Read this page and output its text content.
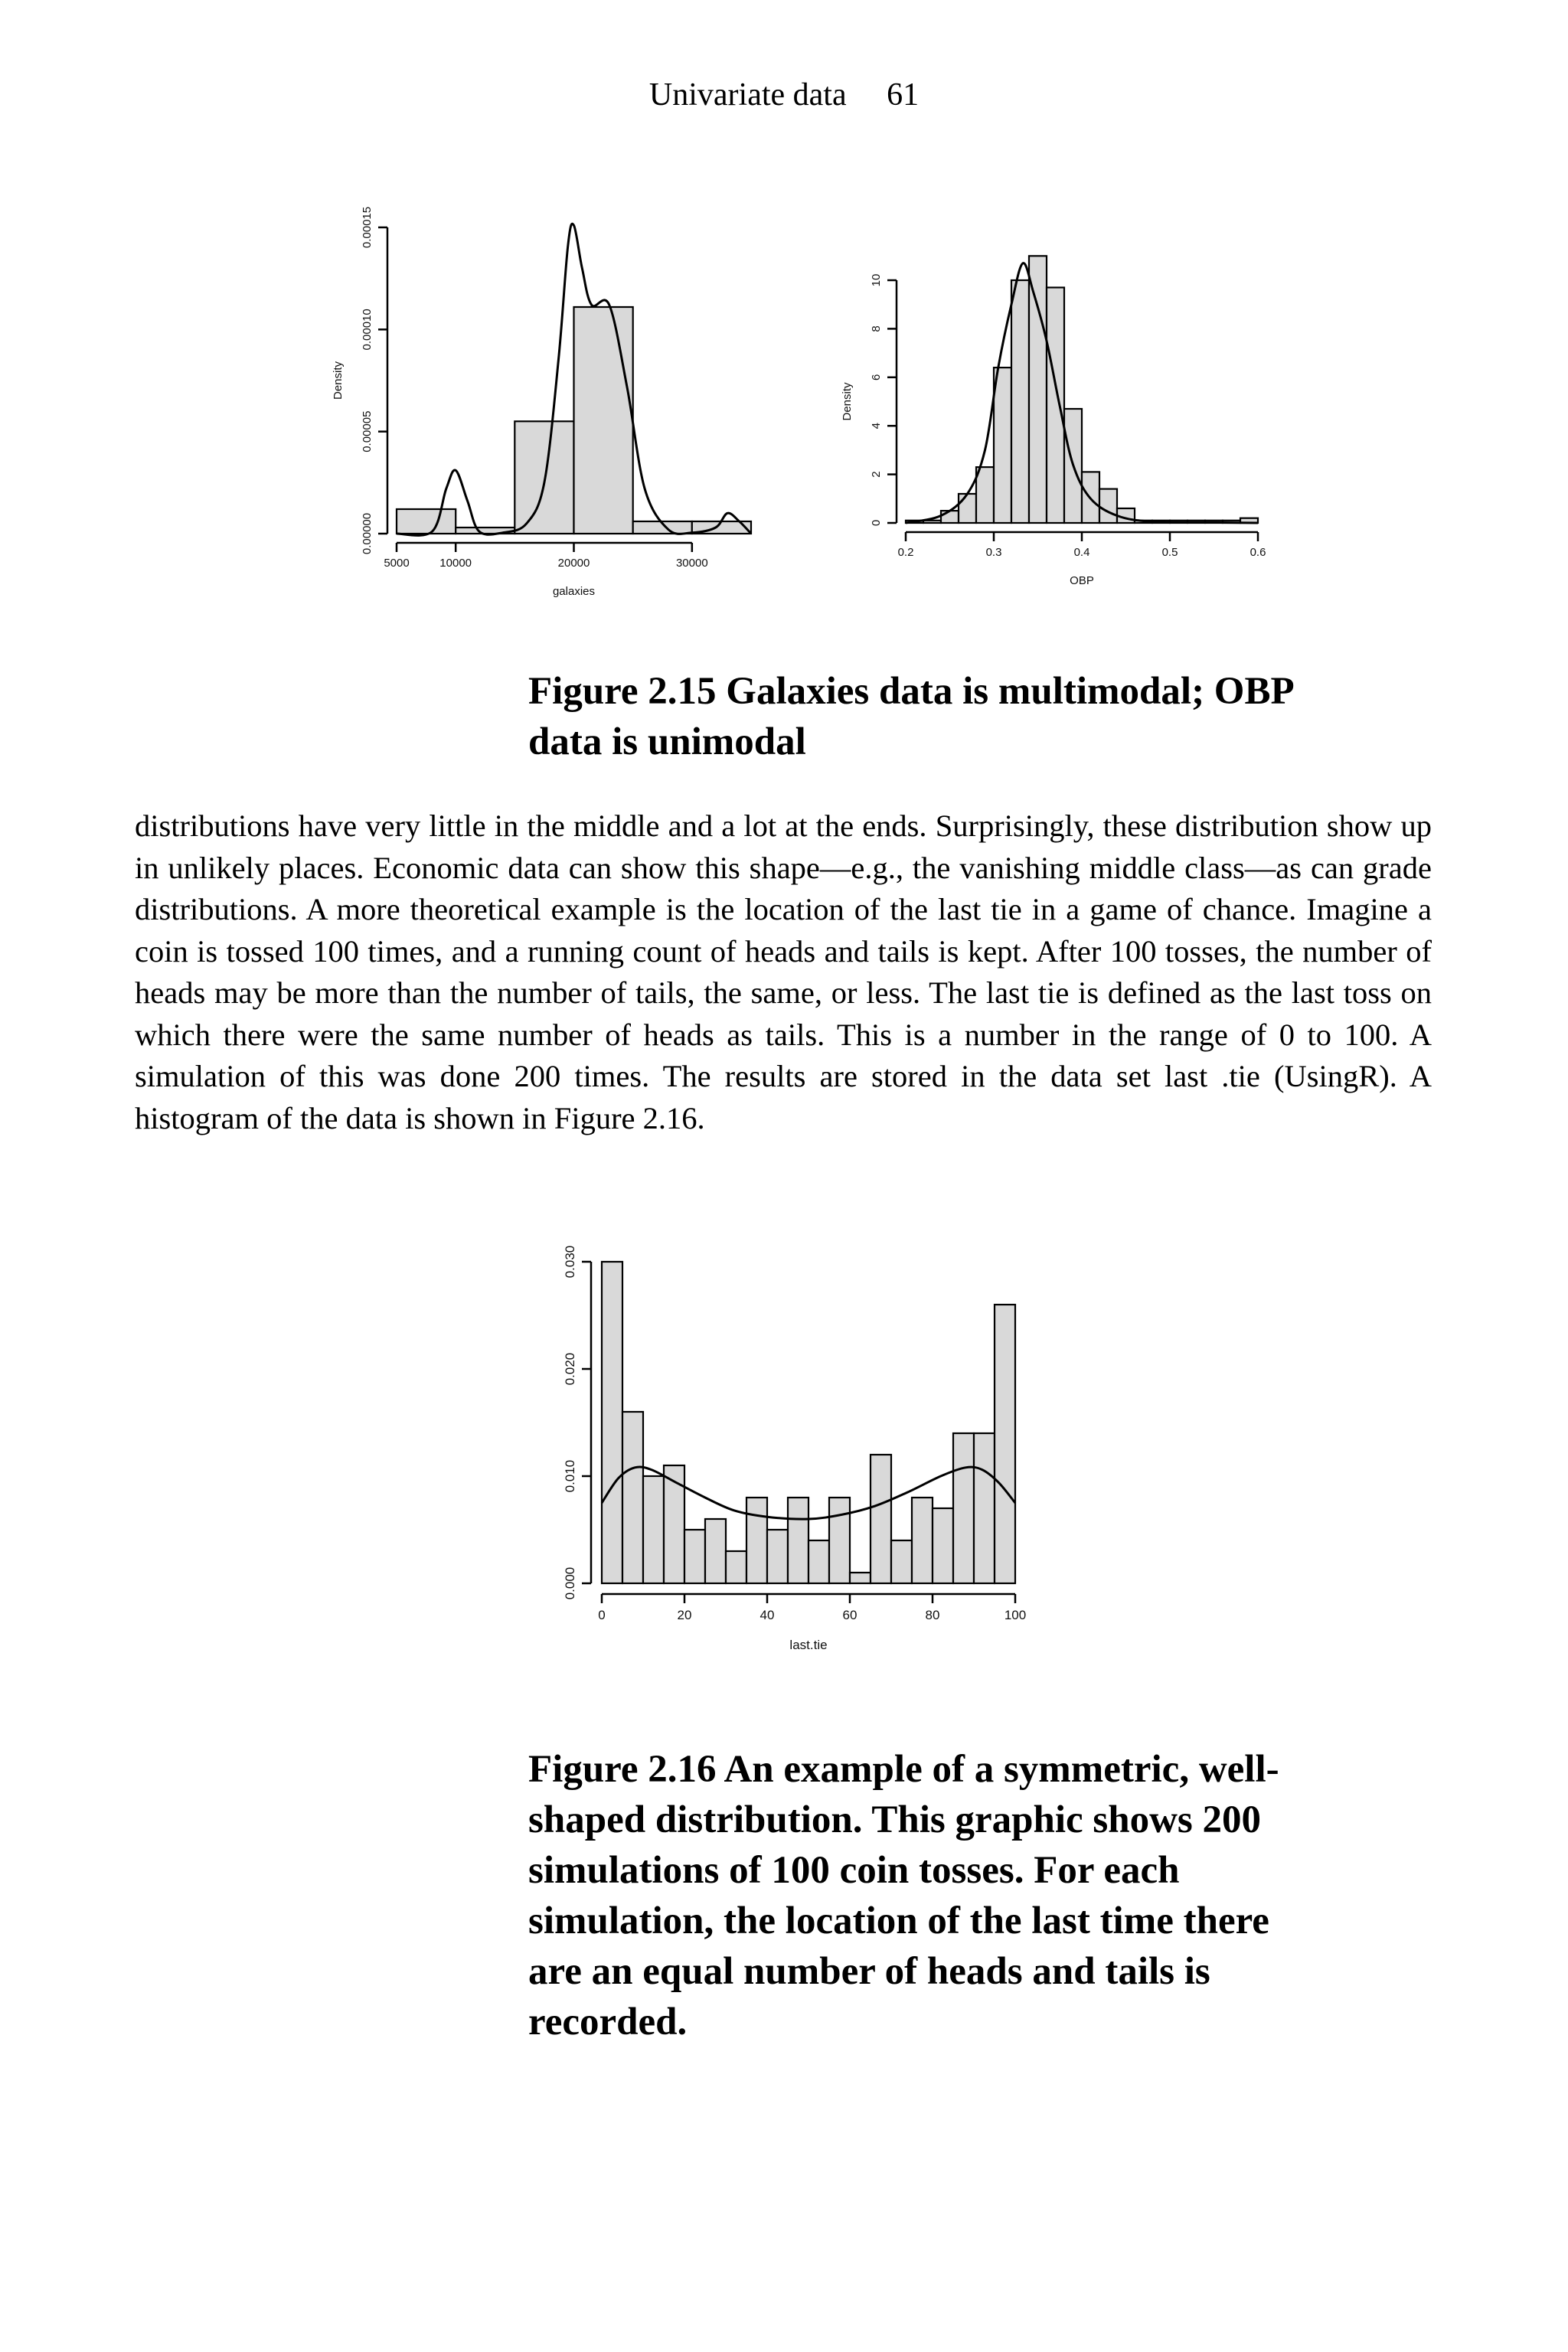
Univariate data 61
5000	10000	20000	30000
galaxies
0.00000
0.00005
0.00010
0.00015
Density
0.2	0.3	0.4	0.5	0.6
OBP
0
2
4
6
8
10
Density
Figure 2.15 Galaxies data is multimodal; OBP data is unimodal

distributions have very little in the middle and a lot at the ends. Surprisingly, these distribution show up in unlikely places. Economic data can show this shape—e.g., the vanishing middle class—as can grade distributions. A more theoretical example is the location of the last tie in a game of chance. Imagine a coin is tossed 100 times, and a running count of heads and tails is kept. After 100 tosses, the number of heads may be more than the number of tails, the same, or less. The last tie is defined as the last toss on which there were the same number of heads as tails. This is a number in the range of 0 to 100. A simulation of this was done 200 times. The results are stored in the data set last .tie (UsingR). A histogram of the data is shown in Figure 2.16.

0	20	40	60	80	100
last.tie
0.000
0.010
0.020
0.030
Figure 2.16 An example of a symmetric, well-shaped distribution. This graphic shows 200 simulations of 100 coin tosses. For each simulation, the location of the last time there are an equal number of heads and tails is recorded.
